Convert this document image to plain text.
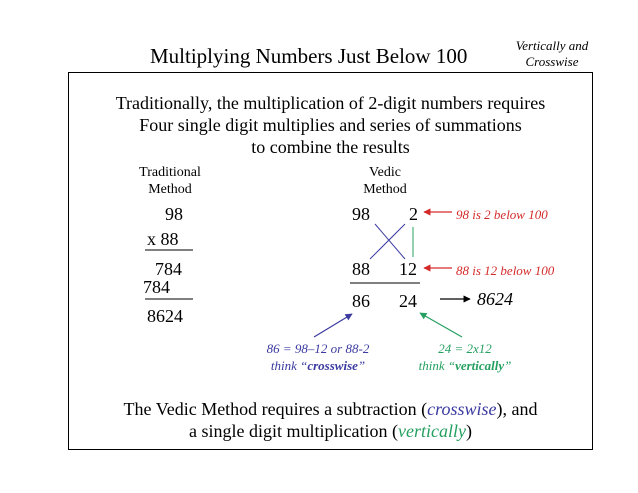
Multiplying Numbers Just Below 100	Vertically and
Crosswise
Traditionally, the multiplication of 2-digit numbers requires
Four single digit multiplies and series of summations
to combine the results
Traditional
Method
Vedic
Method
98
x 88
784
784
8624
98 2
88 12
86 24	8624
98 is 2 below 100
88 is 12 below 100
86 = 98–12 or 88-2
think “crosswise”
24 = 2x12
think “vertically”
The Vedic Method requires a subtraction (crosswise), and
a single digit multiplication (vertically)
